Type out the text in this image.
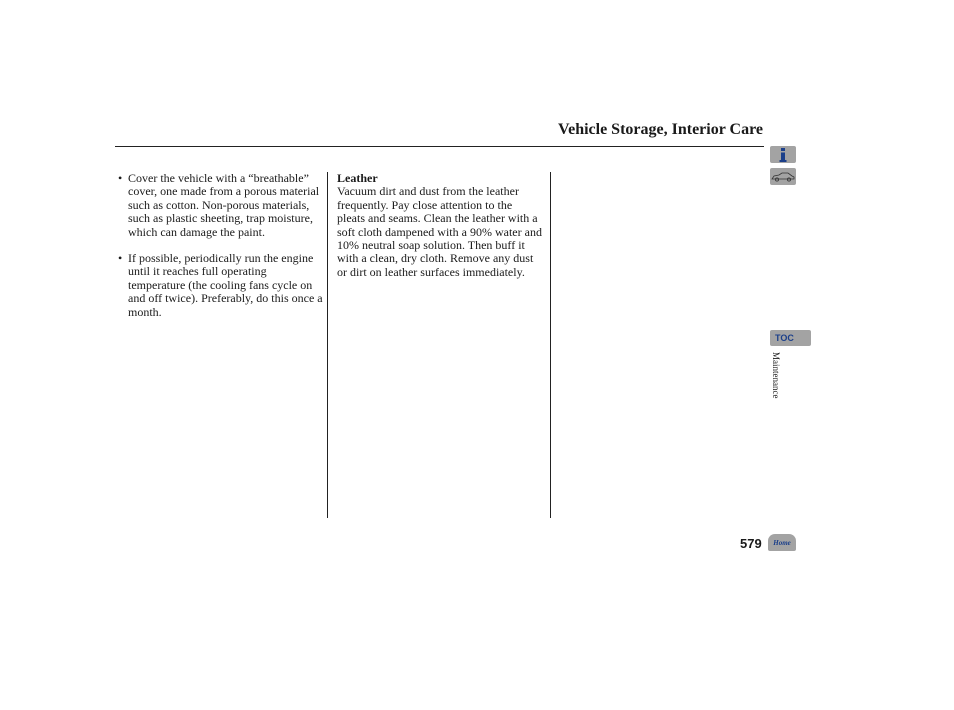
Vehicle Storage, Interior Care
• Cover the vehicle with a “breathable” cover, one made from a porous material such as cotton. Non-porous materials, such as plastic sheeting, trap moisture, which can damage the paint.
• If possible, periodically run the engine until it reaches full operating temperature (the cooling fans cycle on and off twice). Preferably, do this once a month.
Leather
Vacuum dirt and dust from the leather frequently. Pay close attention to the pleats and seams. Clean the leather with a soft cloth dampened with a 90% water and 10% neutral soap solution. Then buff it with a clean, dry cloth. Remove any dust or dirt on leather surfaces immediately.
TOC
Maintenance
579 Home
